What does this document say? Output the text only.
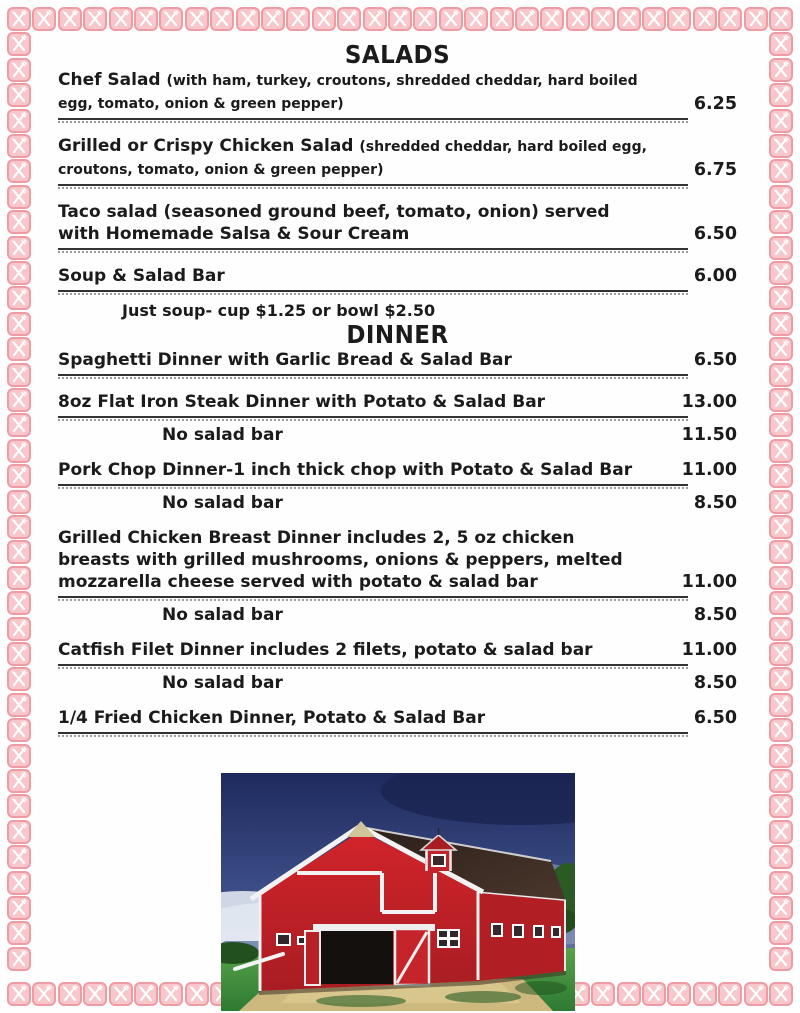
SALADS
Chef Salad (with ham, turkey, croutons, shredded cheddar, hard boiled egg, tomato, onion & green pepper)	6.25
Grilled or Crispy Chicken Salad (shredded cheddar, hard boiled egg, croutons, tomato, onion & green pepper)	6.75
Taco salad (seasoned ground beef, tomato, onion) served with Homemade Salsa & Sour Cream	6.50
Soup & Salad Bar	6.00
Just soup- cup $1.25 or bowl $2.50
DINNER
Spaghetti Dinner with Garlic Bread & Salad Bar	6.50
8oz Flat Iron Steak Dinner with Potato & Salad Bar	13.00
No salad bar	11.50
Pork Chop Dinner-1 inch thick chop with Potato & Salad Bar	11.00
No salad bar	8.50
Grilled Chicken Breast Dinner includes 2, 5 oz chicken breasts with grilled mushrooms, onions & peppers, melted mozzarella cheese served with potato & salad bar	11.00
No salad bar	8.50
Catfish Filet Dinner includes 2 filets, potato & salad bar	11.00
No salad bar	8.50
1/4 Fried Chicken Dinner, Potato & Salad Bar	6.50
